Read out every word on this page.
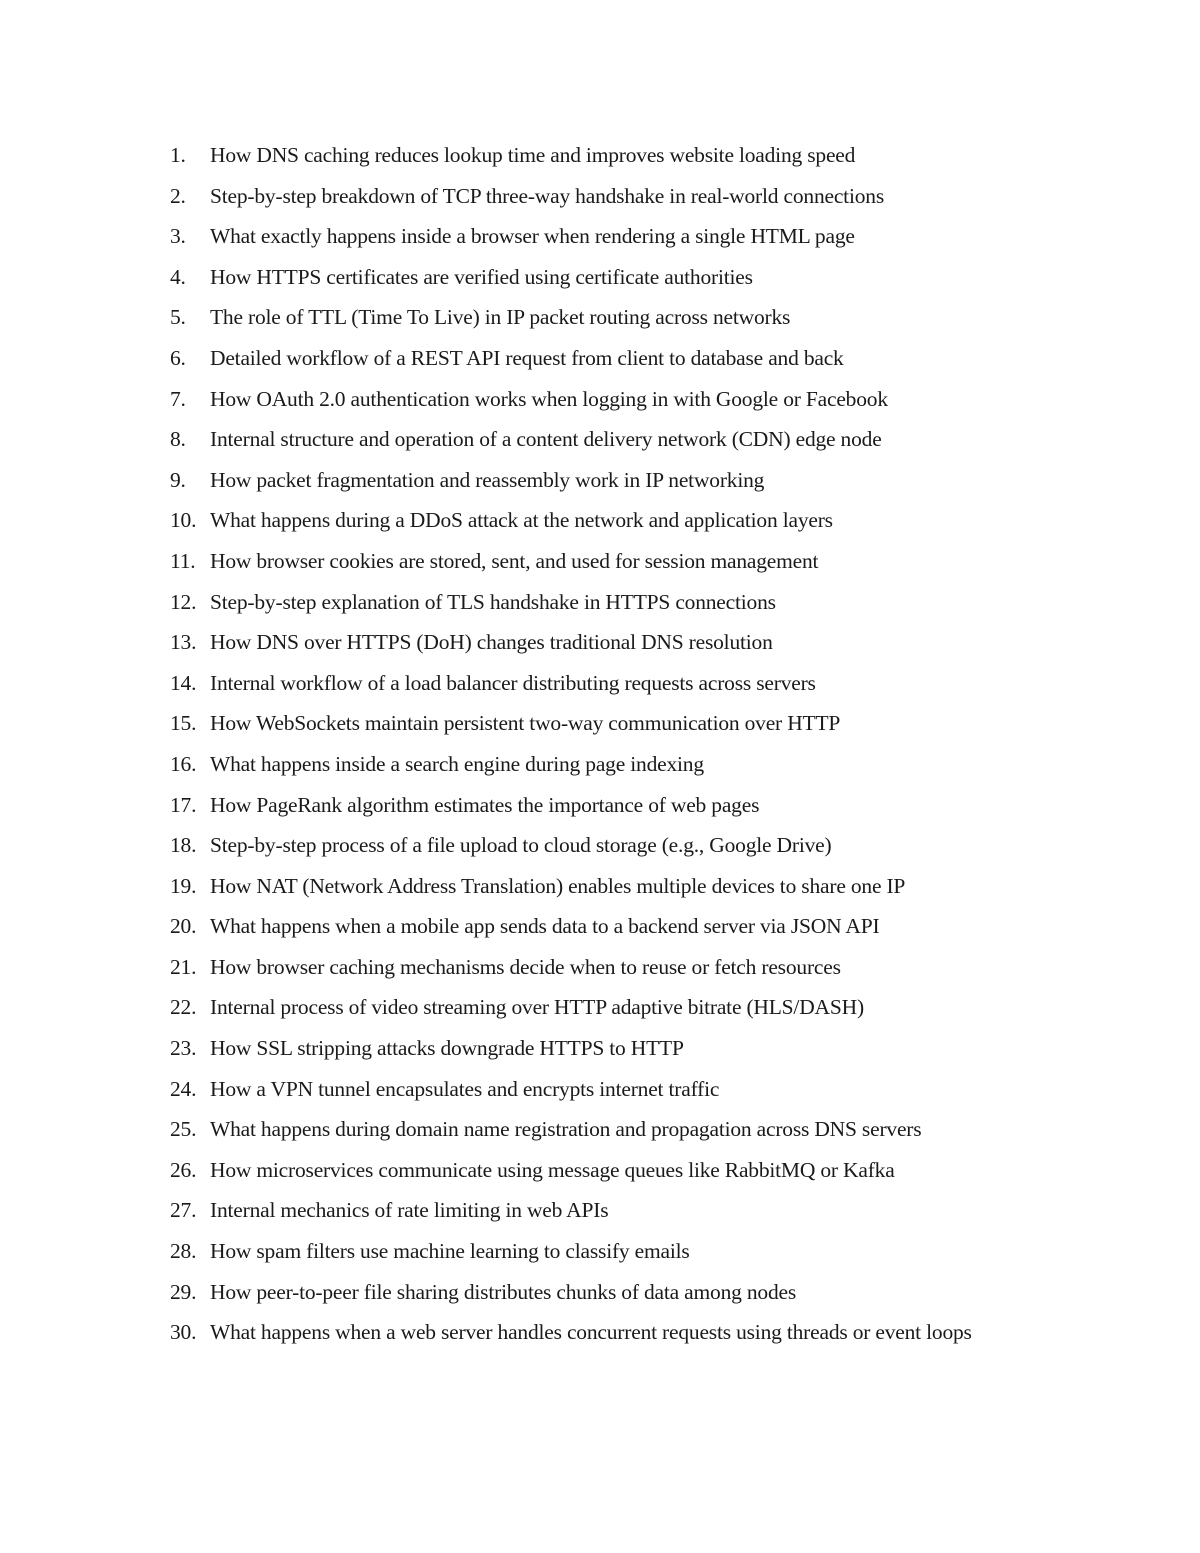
1.	How DNS caching reduces lookup time and improves website loading speed
2.	Step-by-step breakdown of TCP three-way handshake in real-world connections
3.	What exactly happens inside a browser when rendering a single HTML page
4.	How HTTPS certificates are verified using certificate authorities
5.	The role of TTL (Time To Live) in IP packet routing across networks
6.	Detailed workflow of a REST API request from client to database and back
7.	How OAuth 2.0 authentication works when logging in with Google or Facebook
8.	Internal structure and operation of a content delivery network (CDN) edge node
9.	How packet fragmentation and reassembly work in IP networking
10. What happens during a DDoS attack at the network and application layers
11. How browser cookies are stored, sent, and used for session management
12. Step-by-step explanation of TLS handshake in HTTPS connections
13. How DNS over HTTPS (DoH) changes traditional DNS resolution
14. Internal workflow of a load balancer distributing requests across servers
15. How WebSockets maintain persistent two-way communication over HTTP
16. What happens inside a search engine during page indexing
17. How PageRank algorithm estimates the importance of web pages
18. Step-by-step process of a file upload to cloud storage (e.g., Google Drive)
19. How NAT (Network Address Translation) enables multiple devices to share one IP
20. What happens when a mobile app sends data to a backend server via JSON API
21. How browser caching mechanisms decide when to reuse or fetch resources
22. Internal process of video streaming over HTTP adaptive bitrate (HLS/DASH)
23. How SSL stripping attacks downgrade HTTPS to HTTP
24. How a VPN tunnel encapsulates and encrypts internet traffic
25. What happens during domain name registration and propagation across DNS servers
26. How microservices communicate using message queues like RabbitMQ or Kafka
27. Internal mechanics of rate limiting in web APIs
28. How spam filters use machine learning to classify emails
29. How peer-to-peer file sharing distributes chunks of data among nodes
30. What happens when a web server handles concurrent requests using threads or event loops
